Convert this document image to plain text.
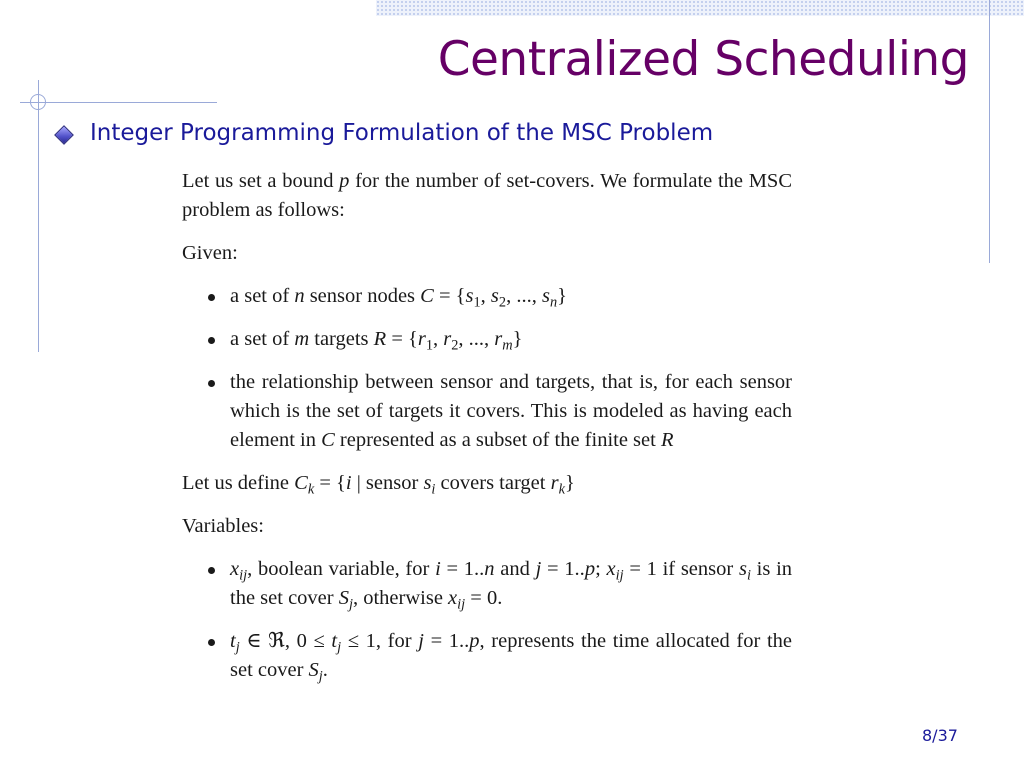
Centralized Scheduling
Integer Programming Formulation of the MSC Problem

Let us set a bound p for the number of set-covers. We formulate the MSC problem as follows:

Given:

a set of n sensor nodes $C = \{s_1$, $s_2$, ..., $s_n$}

a set of m targets $R = \{r_1$, $r_2$, ..., $r_m$}

the relationship between sensor and targets, that is, for each sensor which is the set of targets it covers. This is modeled as having each element in C represented as a subset of the finite set R

Let us define $C_k = \{i$ | sensor $s_i$ covers target $r_k$}

Variables:

$x_{ij}$, boolean variable, for i = 1..n and j = 1..p; $x_{ij} = 1$ if sensor $s_i$ is in the set cover $S_j$, otherwise $x_{ij} = 0$.

$t_j$ ∈ ℜ, $0 \le t_j \le 1$, for j = 1..p, represents the time allocated for the set cover $S_j$.

8/37
